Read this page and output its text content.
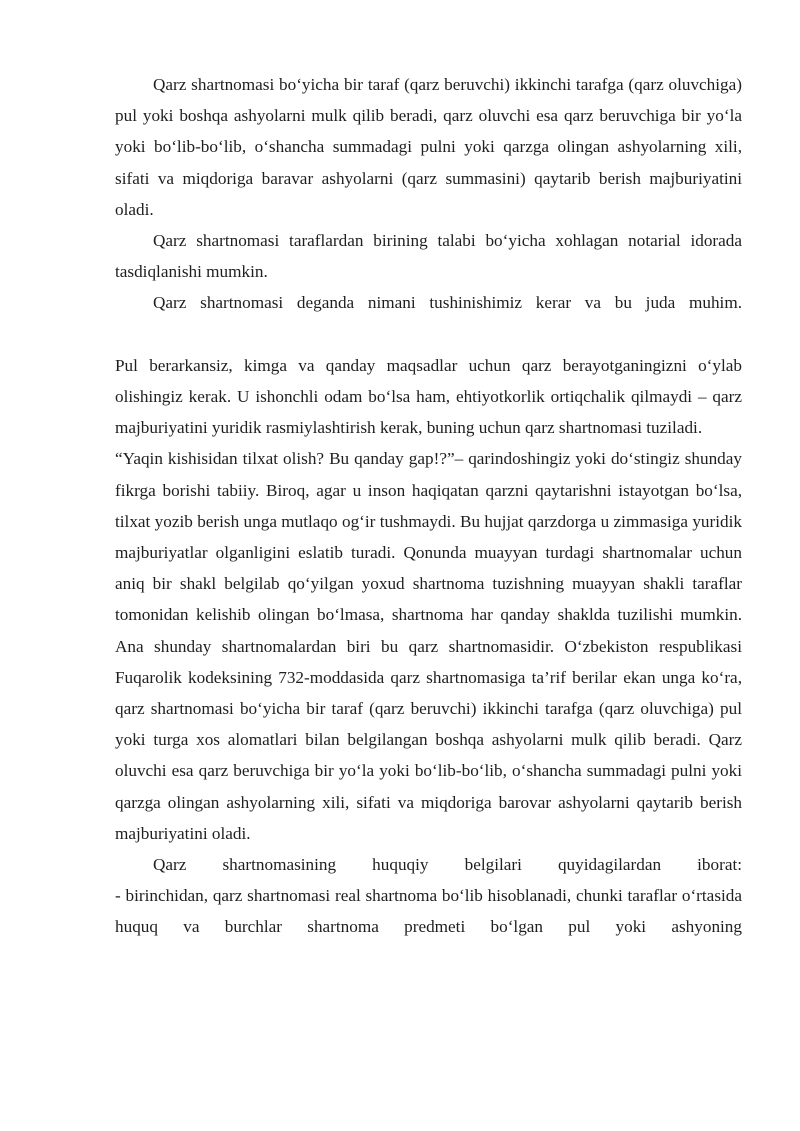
Qarz shartnomasi bo‘yicha bir taraf (qarz beruvchi) ikkinchi tarafga (qarz oluvchiga) pul yoki boshqa ashyolarni mulk qilib beradi, qarz oluvchi esa qarz beruvchiga bir yo‘la yoki bo‘lib-bo‘lib, o‘shancha summadagi pulni yoki qarzga olingan ashyolarning xili, sifati va miqdoriga baravar ashyolarni (qarz summasini) qaytarib berish majburiyatini oladi.

Qarz shartnomasi taraflardan birining talabi bo‘yicha xohlagan notarial idorada tasdiqlanishi mumkin.

Qarz shartnomasi deganda nimani tushinishimiz kerar va bu juda muhim.

Pul berarkansiz, kimga va qanday maqsadlar uchun qarz berayotganingizni o‘ylab olishingiz kerak. U ishonchli odam bo‘lsa ham, ehtiyotkorlik ortiqchalik qilmaydi – qarz majburiyatini yuridik rasmiylashtirish kerak, buning uchun qarz shartnomasi tuziladi.

“Yaqin kishisidan tilxat olish? Bu qanday gap!?”– qarindoshingiz yoki do‘stingiz shunday fikrga borishi tabiiy. Biroq, agar u inson haqiqatan qarzni qaytarishni istayotgan bo‘lsa, tilxat yozib berish unga mutlaqo og‘ir tushmaydi. Bu hujjat qarzdorga u zimmasiga yuridik majburiyatlar olganligini eslatib turadi. Qonunda muayyan turdagi shartnomalar uchun aniq bir shakl belgilab qo‘yilgan yoxud shartnoma tuzishning muayyan shakli taraflar tomonidan kelishib olingan bo‘lmasa, shartnoma har qanday shaklda tuzilishi mumkin. Ana shunday shartnomalardan biri bu qarz shartnomasidir. O‘zbekiston respublikasi Fuqarolik kodeksining 732-moddasida qarz shartnomasiga ta’rif berilar ekan unga ko‘ra, qarz shartnomasi bo‘yicha bir taraf (qarz beruvchi) ikkinchi tarafga (qarz oluvchiga) pul yoki turga xos alomatlari bilan belgilangan boshqa ashyolarni mulk qilib beradi. Qarz oluvchi esa qarz beruvchiga bir yo‘la yoki bo‘lib-bo‘lib, o‘shancha summadagi pulni yoki qarzga olingan ashyolarning xili, sifati va miqdoriga barovar ashyolarni qaytarib berish majburiyatini oladi.

Qarz shartnomasining huquqiy belgilari quyidagilardan iborat:

- birinchidan, qarz shartnomasi real shartnoma bo‘lib hisoblanadi, chunki taraflar o‘rtasida huquq va burchlar shartnoma predmeti bo‘lgan pul yoki ashyoning
